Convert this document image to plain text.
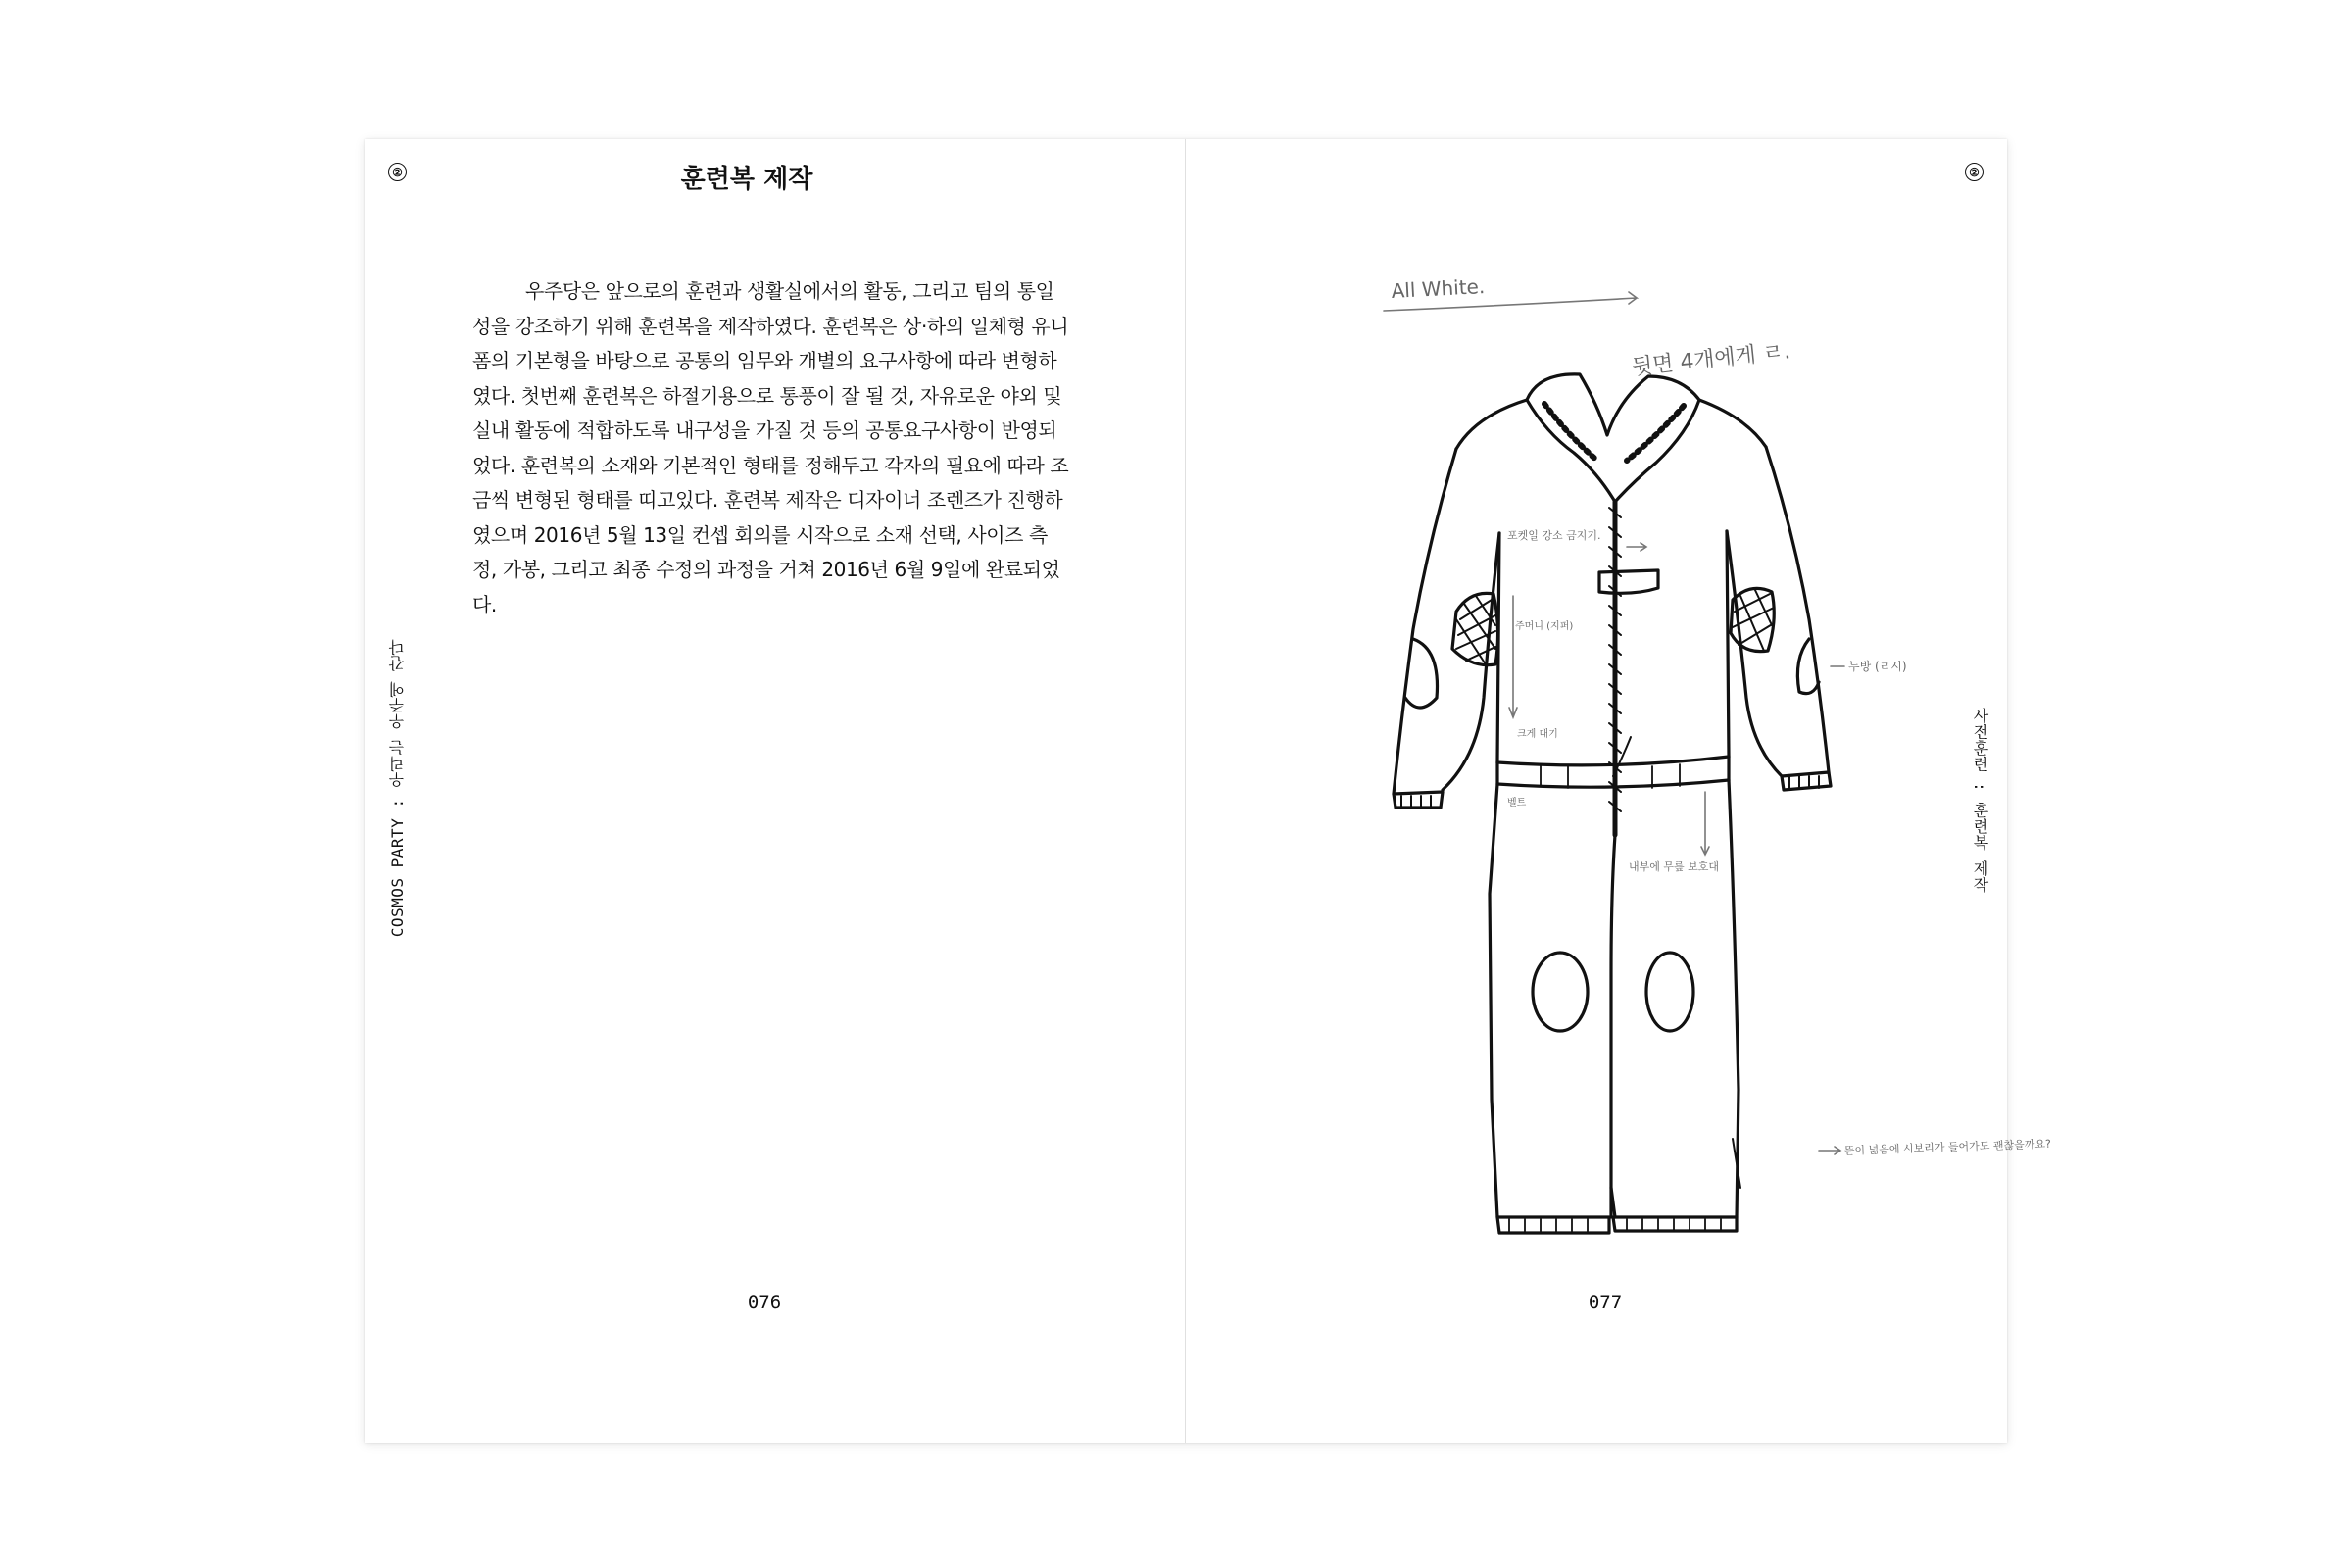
②	훈련복 제작
우주당은 앞으로의 훈련과 생활실에서의 활동, 그리고 팀의 통일성을 강조하기 위해 훈련복을 제작하였다. 훈련복은 상·하의 일체형 유니폼의 기본형을 바탕으로 공통의 임무와 개별의 요구사항에 따라 변형하였다. 첫번째 훈련복은 하절기용으로 통풍이 잘 될 것, 자유로운 야외 및 실내 활동에 적합하도록 내구성을 가질 것 등의 공통요구사항이 반영되었다. 훈련복의 소재와 기본적인 형태를 정해두고 각자의 필요에 따라 조금씩 변형된 형태를 띠고있다. 훈련복 제작은 디자이너 조렌즈가 진행하였으며 2016년 5월 13일 컨셉 회의를 시작으로 소재 선택, 사이즈 측정, 가봉, 그리고 최종 수정의 과정을 거쳐 2016년 6월 9일에 완료되었다.
COSMOS PARTY : 우리는 우주에 간다
076
②
사전훈련 : 훈련복 제작
077
All White.
뒷면 4개에게 ㄹ.
포켓일 강소 금지기.
주머니 (지퍼)
크게 대기
벨트
누방 (ㄹ시)
내부에 무릎 보호대
뜯이 넓음에 시보리가 들어가도 괜찮을까요?
